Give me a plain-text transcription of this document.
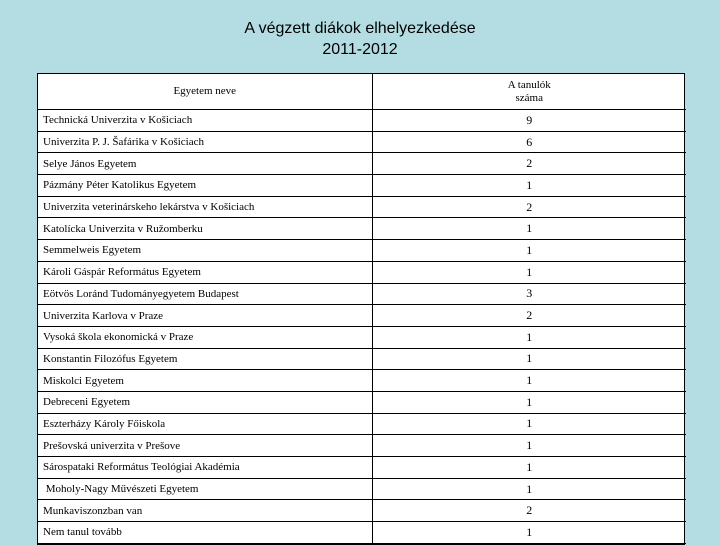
A végzett diákok elhelyezkedése
2011-2012
Egyetem neve	A tanulók száma

Technická Univerzita v Košiciach	9
Univerzita P. J. Šafárika v Košiciach	6
Selye János Egyetem	2
Pázmány Péter Katolikus Egyetem	1
Univerzita veterinárskeho lekárstva v Košiciach	2
Katolícka Univerzita v Ružomberku	1
Semmelweis Egyetem	1
Károli Gáspár Református Egyetem	1
Eötvös Loránd Tudományegyetem Budapest	3
Univerzita Karlova v Praze	2
Vysoká škola ekonomická v Praze	1
Konstantin Filozófus Egyetem	1
Miskolci Egyetem	1
Debreceni Egyetem	1
Eszterházy Károly Főiskola	1
Prešovská univerzita v Prešove	1
Sárospataki Református Teológiai Akadémia	1
Moholy-Nagy Művészeti Egyetem	1
Munkaviszonzban van	2
Nem tanul tovább	1
